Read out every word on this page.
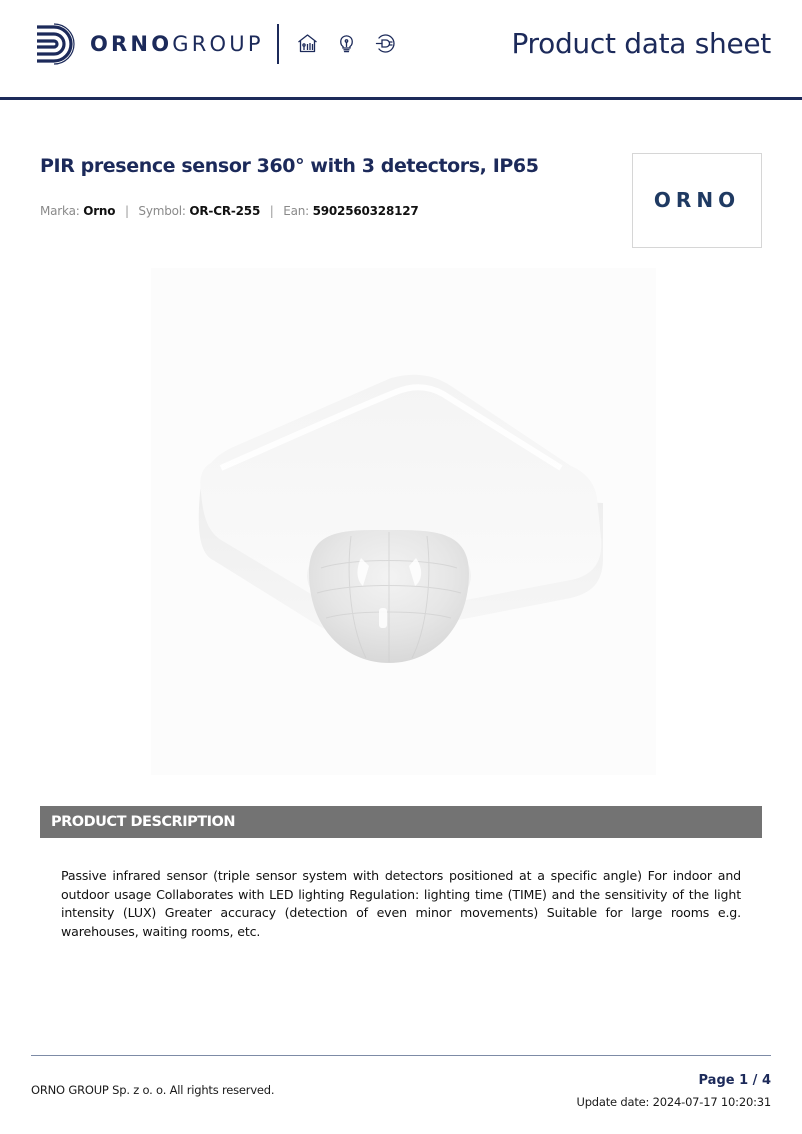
ORNOGROUP	Product data sheet
PIR presence sensor 360° with 3 detectors, IP65
Marka: Orno | Symbol: OR-CR-255 | Ean: 5902560328127	ORNO
PRODUCT DESCRIPTION

Passive infrared sensor (triple sensor system with detectors positioned at a specific angle) For indoor and outdoor usage Collaborates with LED lighting Regulation: lighting time (TIME) and the sensitivity of the light intensity (LUX) Greater accuracy (detection of even minor movements) Suitable for large rooms e.g. warehouses, waiting rooms, etc.

ORNO GROUP Sp. z o. o. All rights reserved.
Page 1 / 4
Update date: 2024-07-17 10:20:31
